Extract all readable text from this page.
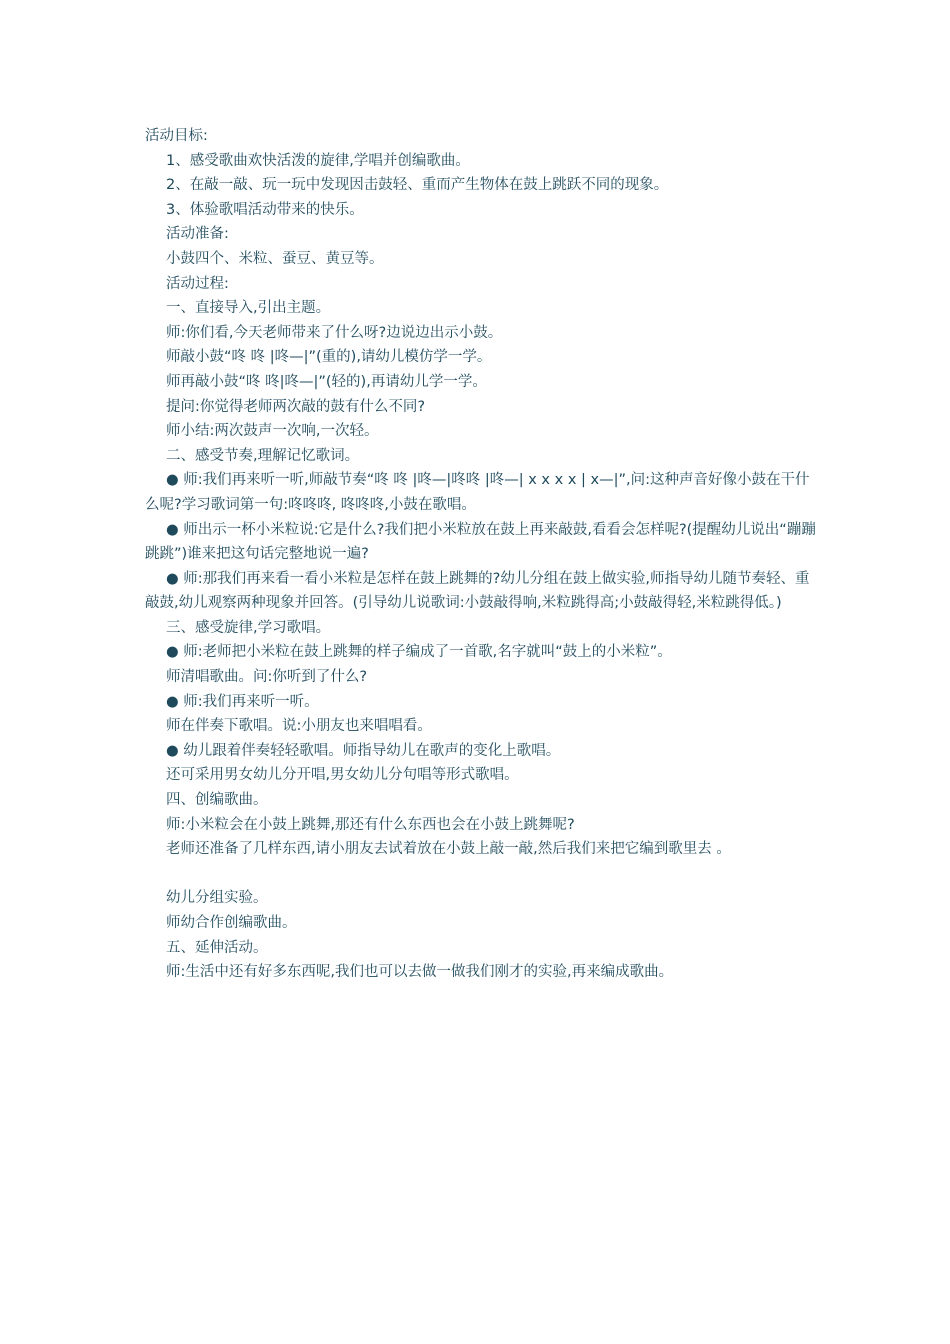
活动目标:

1、感受歌曲欢快活泼的旋律,学唱并创编歌曲。

2、在敲一敲、玩一玩中发现因击鼓轻、重而产生物体在鼓上跳跃不同的现象。

3、体验歌唱活动带来的快乐。

活动准备:

小鼓四个、米粒、蚕豆、黄豆等。

活动过程:

一、直接导入,引出主题。

师:你们看,今天老师带来了什么呀?边说边出示小鼓。

师敲小鼓“咚 咚 |咚—|”(重的),请幼儿模仿学一学。

师再敲小鼓“咚 咚|咚—|”(轻的),再请幼儿学一学。

提问:你觉得老师两次敲的鼓有什么不同?

师小结:两次鼓声一次响,一次轻。

二、感受节奏,理解记忆歌词。

● 师:我们再来听一听,师敲节奏“咚 咚 |咚—|咚咚 |咚—| x x x x | x—|”,问:这种声音好像小鼓在干什么呢?学习歌词第一句:咚咚咚, 咚咚咚,小鼓在歌唱。

● 师出示一杯小米粒说:它是什么?我们把小米粒放在鼓上再来敲鼓,看看会怎样呢?(提醒幼儿说出“蹦蹦跳跳”)谁来把这句话完整地说一遍?

● 师:那我们再来看一看小米粒是怎样在鼓上跳舞的?幼儿分组在鼓上做实验,师指导幼儿随节奏轻、重敲鼓,幼儿观察两种现象并回答。(引导幼儿说歌词:小鼓敲得响,米粒跳得高;小鼓敲得轻,米粒跳得低。)

三、感受旋律,学习歌唱。

● 师:老师把小米粒在鼓上跳舞的样子编成了一首歌,名字就叫“鼓上的小米粒”。

师清唱歌曲。问:你听到了什么?

● 师:我们再来听一听。

师在伴奏下歌唱。说:小朋友也来唱唱看。

● 幼儿跟着伴奏轻轻歌唱。师指导幼儿在歌声的变化上歌唱。

还可采用男女幼儿分开唱,男女幼儿分句唱等形式歌唱。

四、创编歌曲。

师:小米粒会在小鼓上跳舞,那还有什么东西也会在小鼓上跳舞呢?

老师还准备了几样东西,请小朋友去试着放在小鼓上敲一敲,然后我们来把它编到歌里去 。

幼儿分组实验。

师幼合作创编歌曲。

五、延伸活动。

师:生活中还有好多东西呢,我们也可以去做一做我们刚才的实验,再来编成歌曲。
